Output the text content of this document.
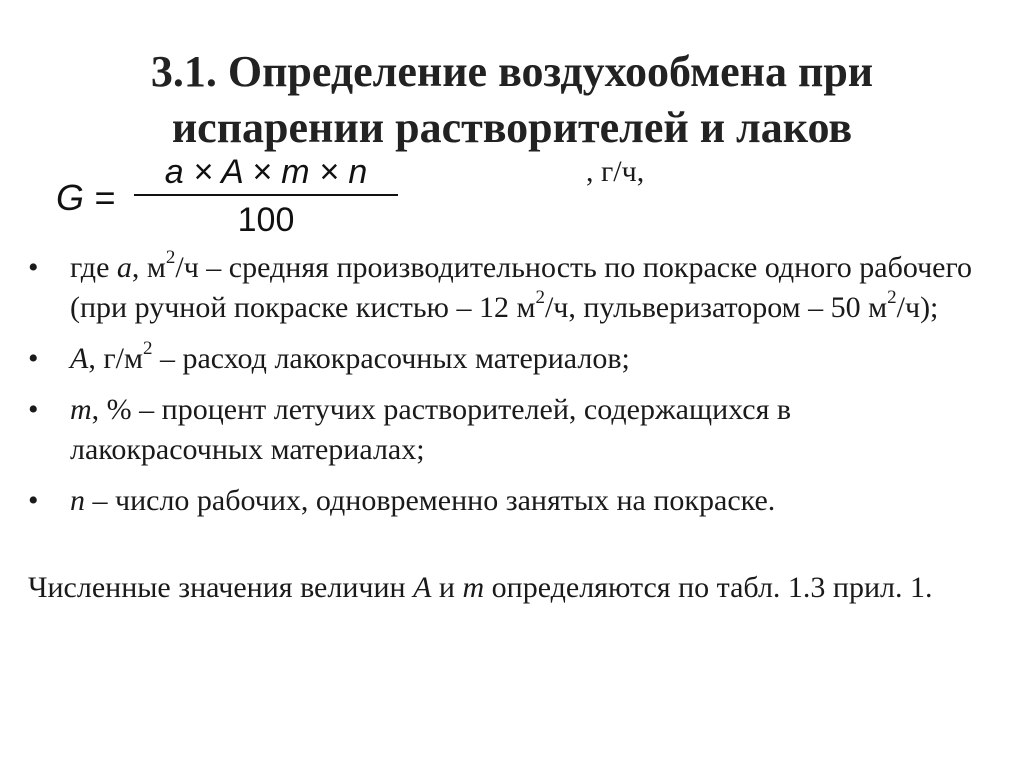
3.1. Определение воздухообмена при
испарении растворителей и лаков
G =
a × A × m × n
100
, г/ч,
• где a, $м^2/ч$ – средняя производительность по покраске одного рабочего (при ручной покраске кистью – 12 $м^2/ч$, пульверизатором – 50 $м^2/ч$);
• A, $г/м^2$ – расход лакокрасочных материалов;
• m, % – процент летучих растворителей, содержащихся в лакокрасочных материалах;
• n – число рабочих, одновременно занятых на покраске.
Численные значения величин A и m определяются по табл. 1.3 прил. 1.
